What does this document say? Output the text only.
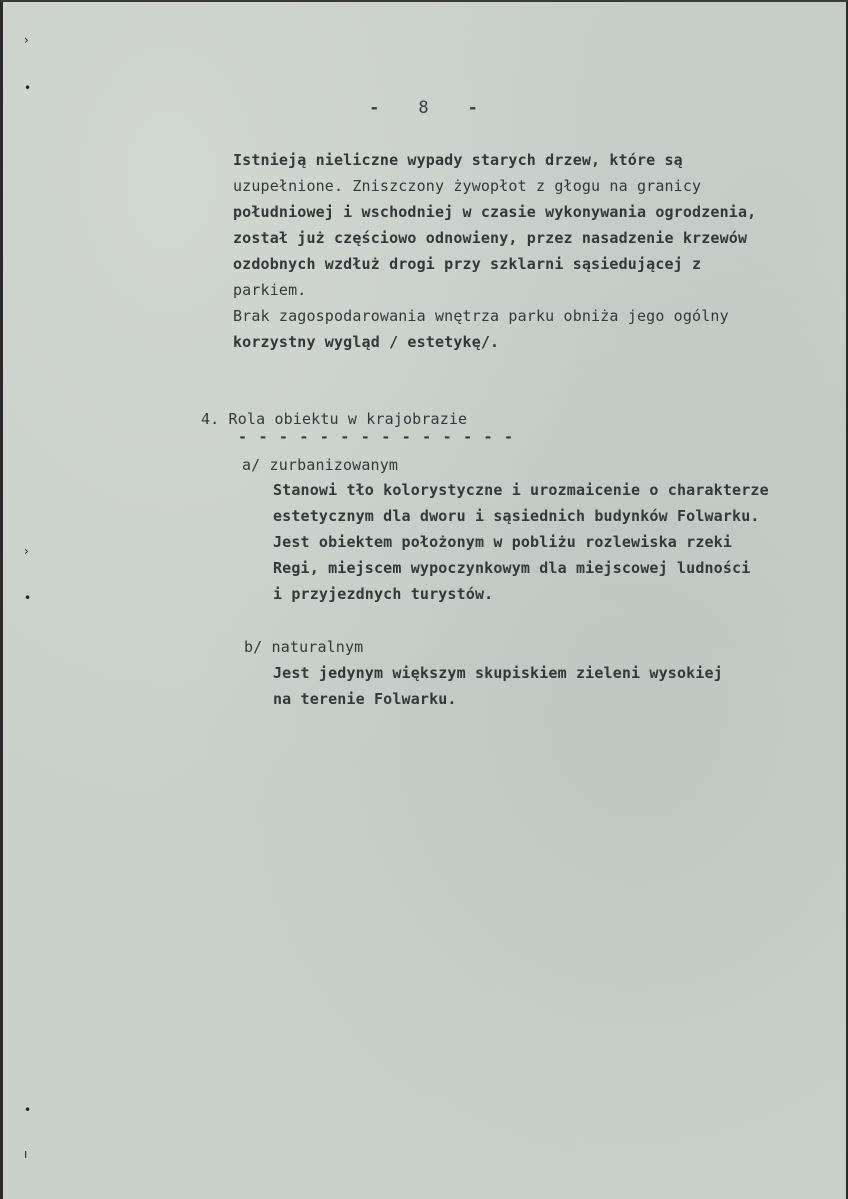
›
•
›
•
•
ı
- 8 -
Istnieją nieliczne wypady starych drzew, które są
uzupełnione. Zniszczony żywopłot z głogu na granicy
południowej i wschodniej w czasie wykonywania ogrodzenia,
został już częściowo odnowieny, przez nasadzenie krzewów
ozdobnych wzdłuż drogi przy szklarni sąsiedującej z
parkiem.
Brak zagospodarowania wnętrza parku obniża jego ogólny
korzystny wygląd / estetykę/.
4. Rola obiektu w krajobrazie
- - - - - - - - - - - - - -
a/ zurbanizowanym
Stanowi tło kolorystyczne i urozmaicenie o charakterze
estetycznym dla dworu i sąsiednich budynków Folwarku.
Jest obiektem położonym w pobliżu rozlewiska rzeki
Regi, miejscem wypoczynkowym dla miejscowej ludności
i przyjezdnych turystów.
b/ naturalnym
Jest jedynym większym skupiskiem zieleni wysokiej
na terenie Folwarku.
